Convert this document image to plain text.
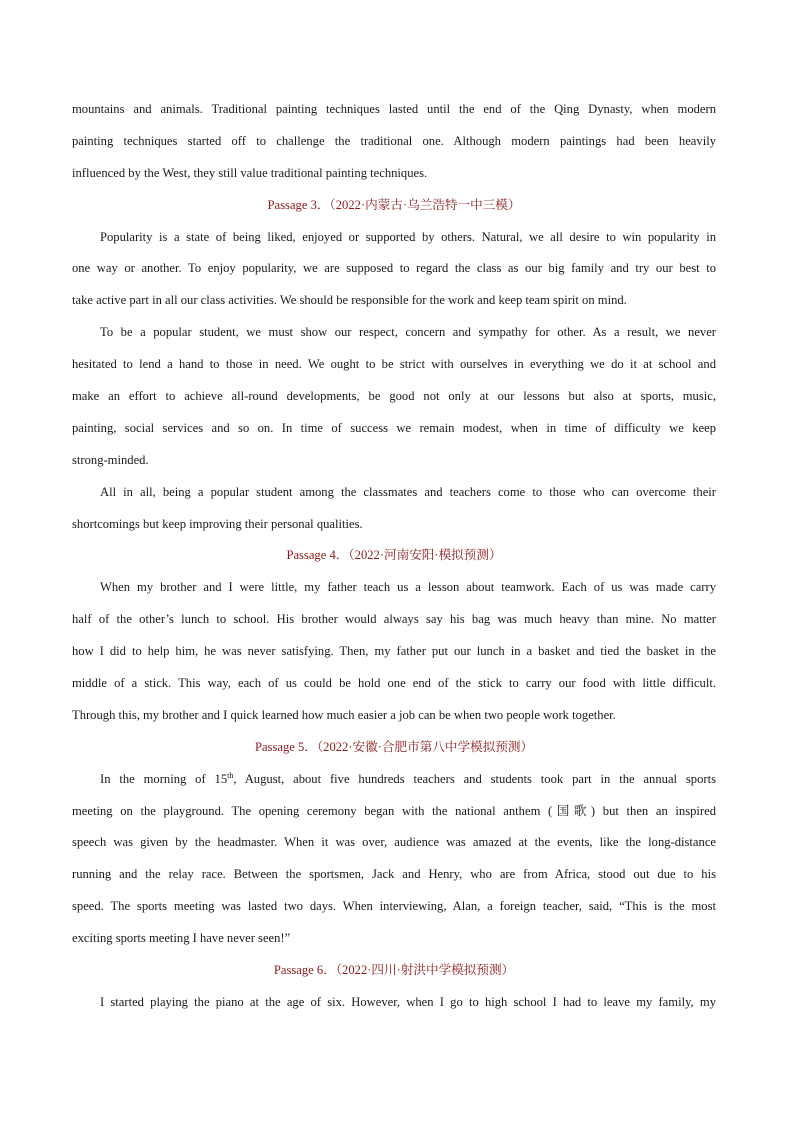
mountains and animals. Traditional painting techniques lasted until the end of the Qing Dynasty, when modern
painting techniques started off to challenge the traditional one. Although modern paintings had been heavily
influenced by the West, they still value traditional painting techniques.
Passage 3．（2022·内蒙古·乌兰浩特一中三模）
Popularity is a state of being liked, enjoyed or supported by others. Natural, we all desire to win popularity in
one way or another. To enjoy popularity, we are supposed to regard the class as our big family and try our best to
take active part in all our class activities. We should be responsible for the work and keep team spirit on mind.
To be a popular student, we must show our respect, concern and sympathy for other. As a result, we never
hesitated to lend a hand to those in need. We ought to be strict with ourselves in everything we do it at school and
make an effort to achieve all-round developments, be good not only at our lessons but also at sports, music,
painting, social services and so on. In time of success we remain modest, when in time of difficulty we keep
strong-minded.
All in all, being a popular student among the classmates and teachers come to those who can overcome their
shortcomings but keep improving their personal qualities.
Passage 4．（2022·河南安阳·模拟预测）
When my brother and I were little, my father teach us a lesson about teamwork. Each of us was made carry
half of the other’s lunch to school. His brother would always say his bag was much heavy than mine. No matter
how I did to help him, he was never satisfying. Then, my father put our lunch in a basket and tied the basket in the
middle of a stick. This way, each of us could be hold one end of the stick to carry our food with little difficult.
Through this, my brother and I quick learned how much easier a job can be when two people work together.
Passage 5．（2022·安徽·合肥市第八中学模拟预测）
In the morning of 15th, August, about five hundreds teachers and students took part in the annual sports
meeting on the playground. The opening ceremony began with the national anthem (国歌) but then an inspired
speech was given by the headmaster. When it was over, audience was amazed at the events, like the long-distance
running and the relay race. Between the sportsmen, Jack and Henry, who are from Africa, stood out due to his
speed. The sports meeting was lasted two days. When interviewing, Alan, a foreign teacher, said, “This is the most
exciting sports meeting I have never seen!”
Passage 6．（2022·四川·射洪中学模拟预测）
I started playing the piano at the age of six. However, when I go to high school I had to leave my family, my
